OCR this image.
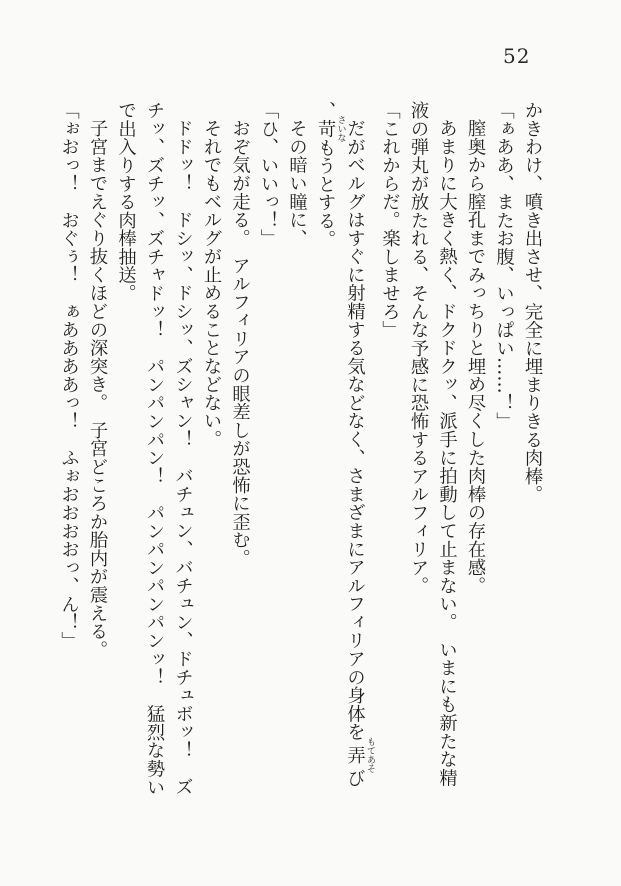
52

かきわけ、噴き出させ、完全に埋まりきる肉棒。

「ぁああ、またお腹、いっぱい……！」

膣奥から膣孔までみっちりと埋め尽くした肉棒の存在感。

あまりに大きく熱く、ドクドクッ、派手に拍動して止まない。　いまにも新たな精液の弾丸が放たれる、そんな予感に恐怖するアルフィリア。

「これからだ。楽しませろ」

だがベルグはすぐに射精する気などなく、さまざまにアルフィリアの身体を弄 もてあそび、苛 さいなもうとする。

その暗い瞳に、

「ひ、いいっ！」

おぞ気が走る。　アルフィリアの眼差しが恐怖に歪む。

それでもベルグが止めることなどない。

ドドッ！　ドシッ、ドシッ、ズシャン！　バチュン、バチュン、ドチュボッ！　ズチッ、ズチッ、ズチャドッ！　パンパンパン！　パンパンパンパンッ！　猛烈な勢いで出入りする肉棒抽送。

子宮までえぐり抜くほどの深突き。　子宮どころか胎内が震える。

「ぉおっ！　おぐぅ！　ぁああああっ！　ふぉおおおおっ、ん！」
